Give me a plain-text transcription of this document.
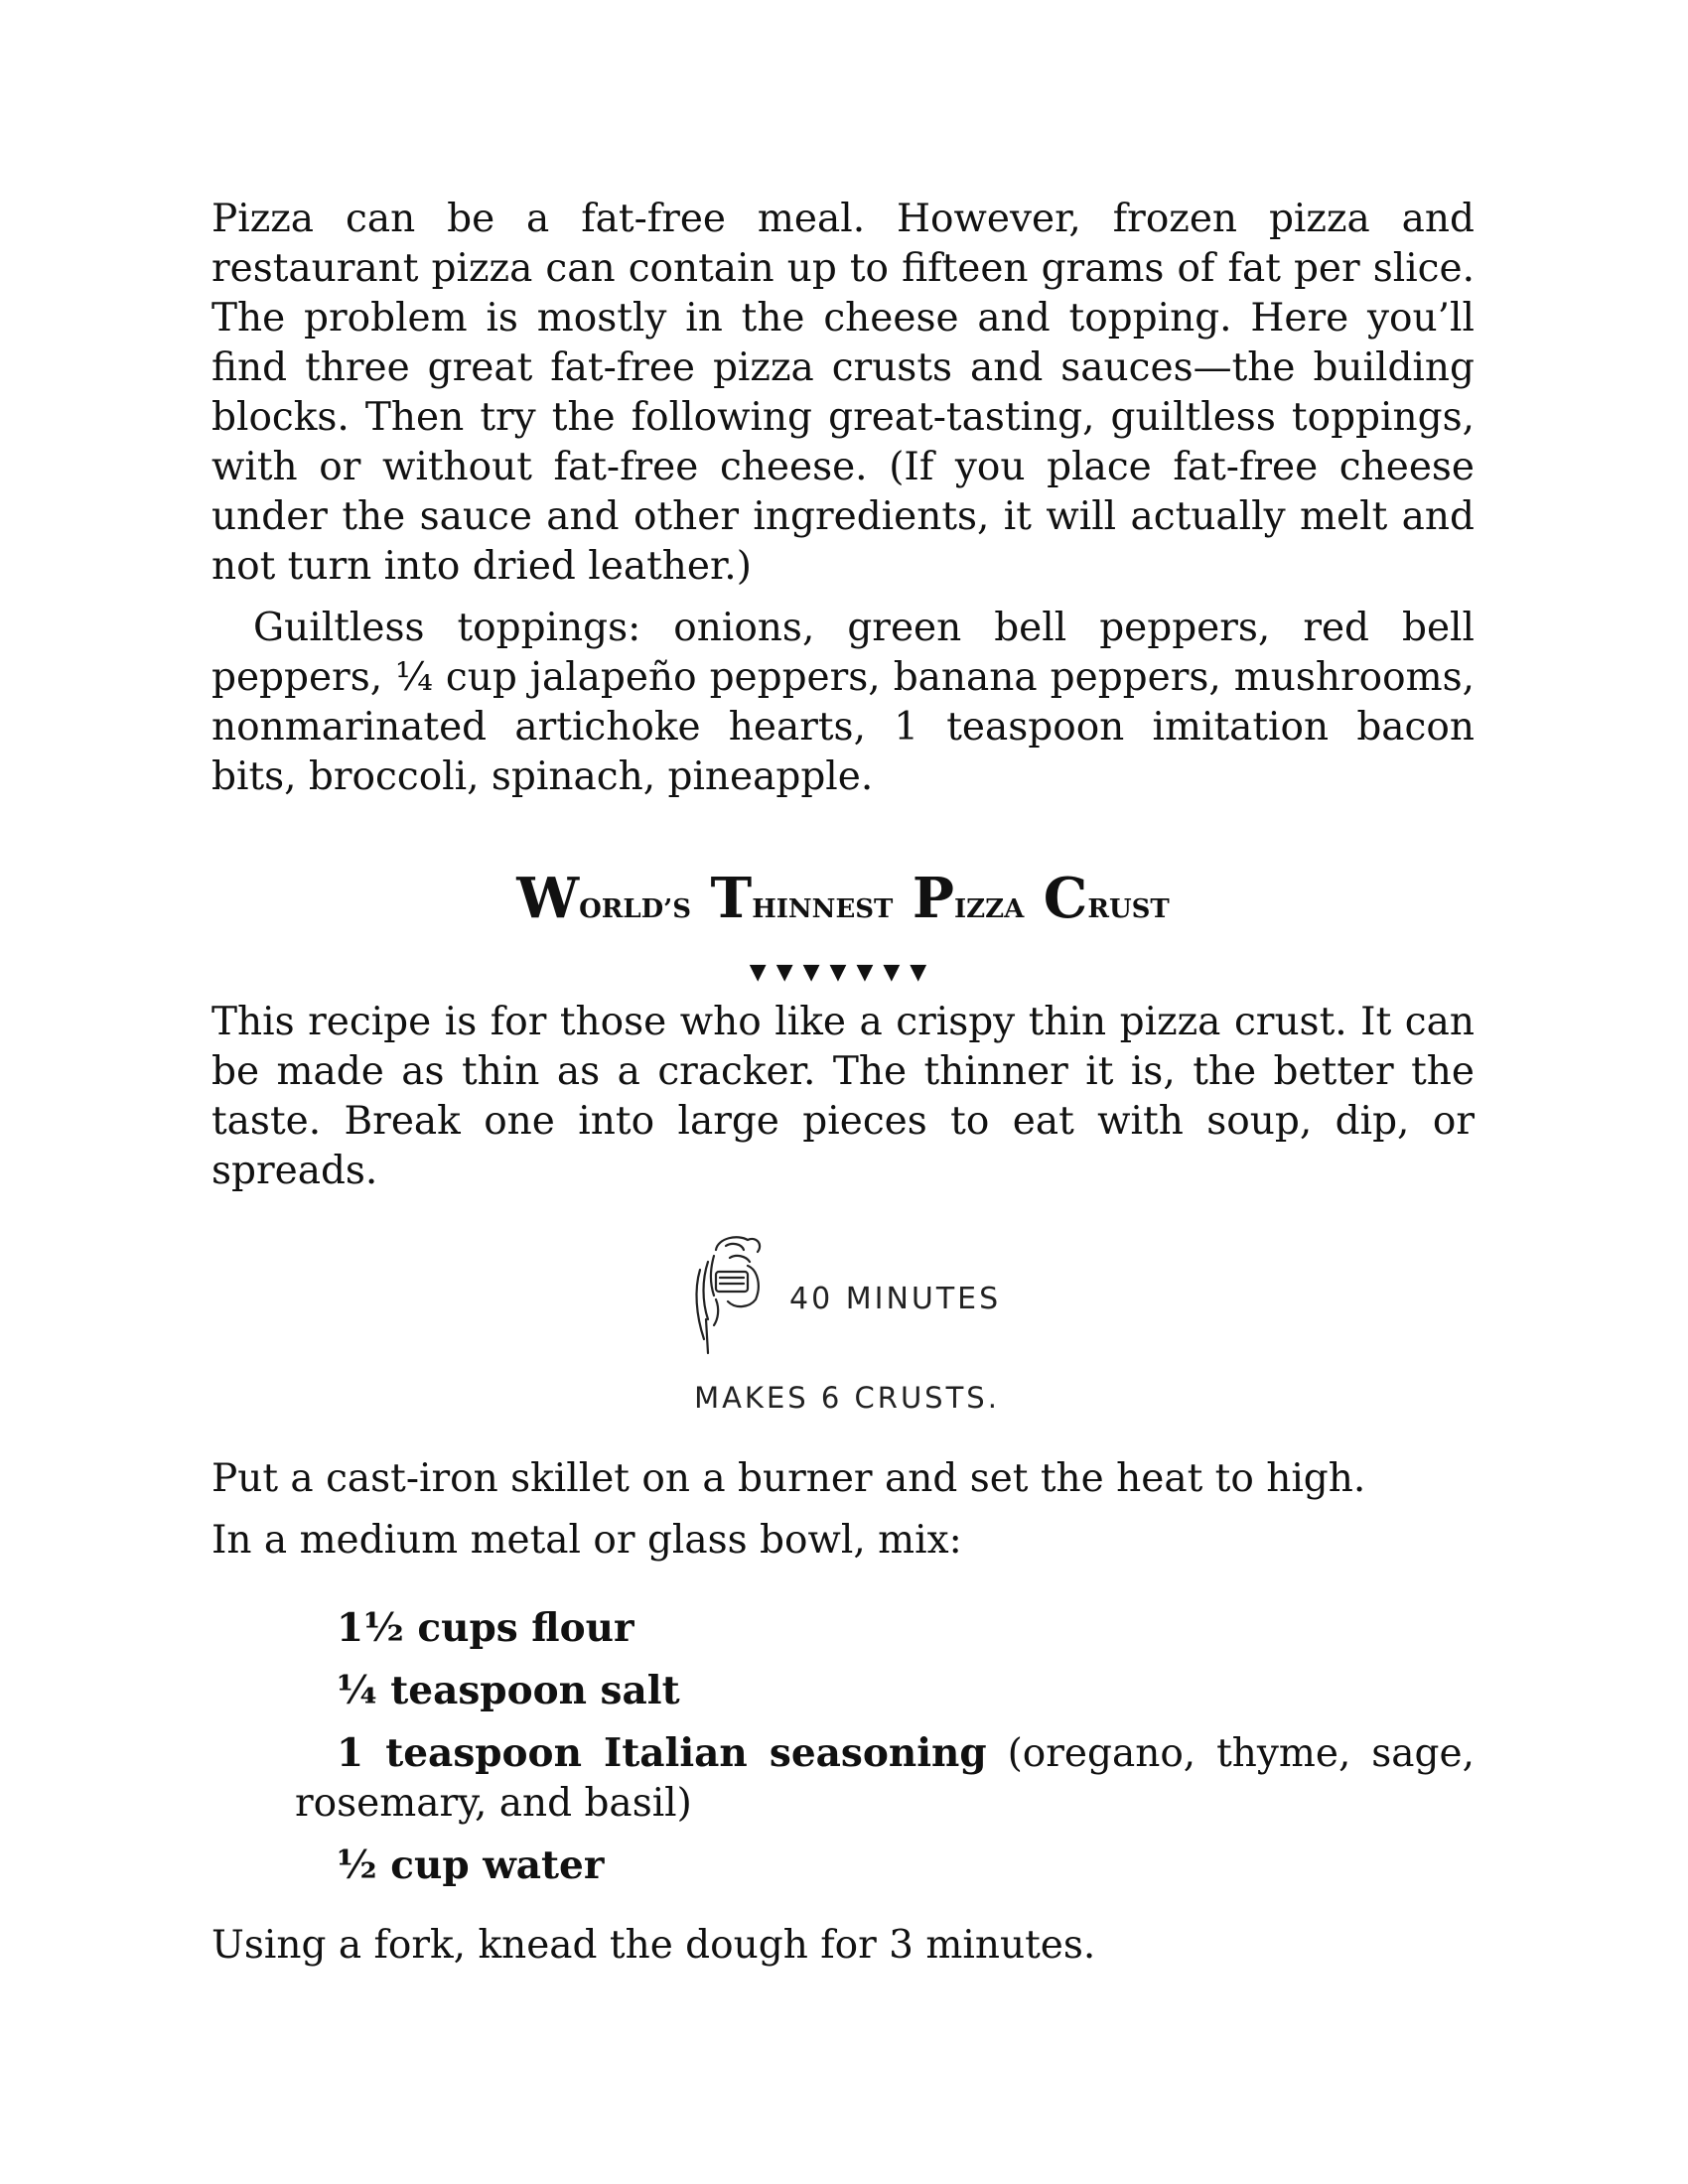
Pizza can be a fat-free meal. However, frozen pizza and restaurant pizza can contain up to fifteen grams of fat per slice. The problem is mostly in the cheese and topping. Here you’ll find three great fat-free pizza crusts and sauces—the building blocks. Then try the following great-tasting, guiltless toppings, with or without fat-free cheese. (If you place fat-free cheese under the sauce and other ingredients, it will actually melt and not turn into dried leather.)

Guiltless toppings: onions, green bell peppers, red bell peppers, ¼ cup jalapeño peppers, banana peppers, mushrooms, nonmarinated artichoke hearts, 1 teaspoon imitation bacon bits, broccoli, spinach, pineapple.

WORLD’S THINNEST PIZZA CRUST
▼▼▼▼▼▼▼

This recipe is for those who like a crispy thin pizza crust. It can be made as thin as a cracker. The thinner it is, the better the taste. Break one into large pieces to eat with soup, dip, or spreads.

40 MINUTES
MAKES 6 CRUSTS.

Put a cast-iron skillet on a burner and set the heat to high.

In a medium metal or glass bowl, mix:

1½ cups flour
¼ teaspoon salt
1 teaspoon Italian seasoning (oregano, thyme, sage, rosemary, and basil)
½ cup water

Using a fork, knead the dough for 3 minutes.
